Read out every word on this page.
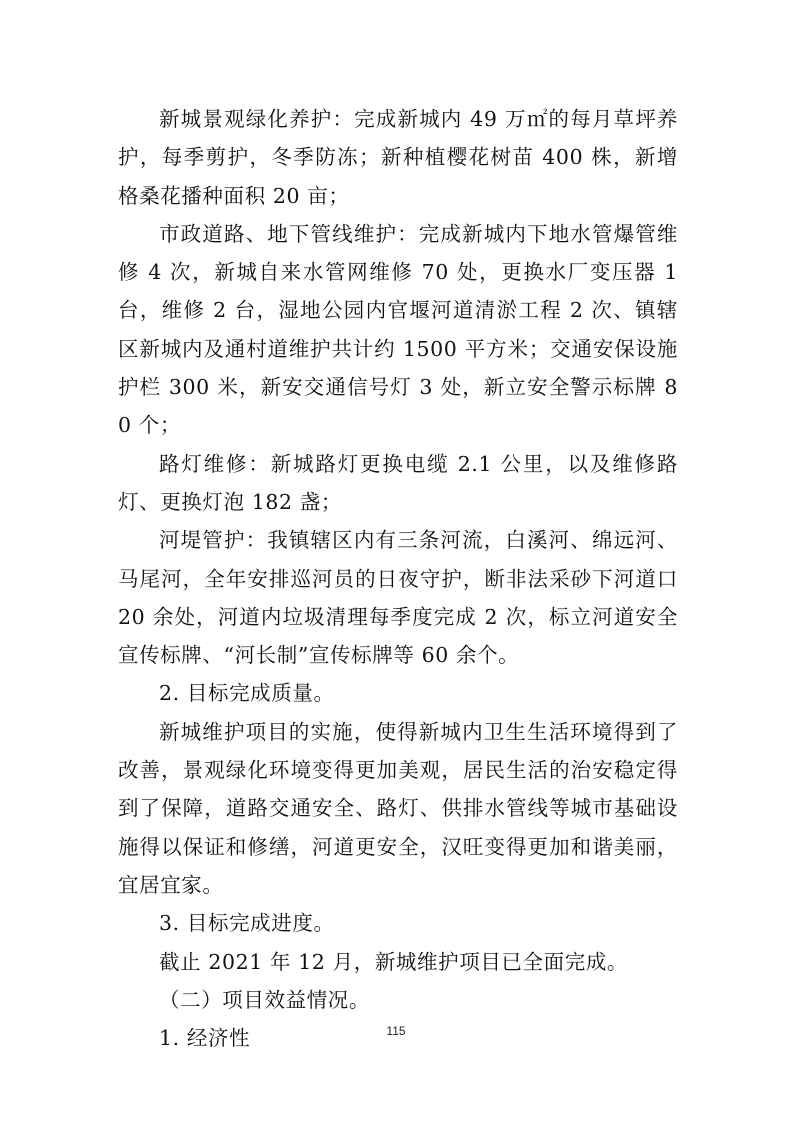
新城景观绿化养护：完成新城内 49 万㎡的每月草坪养护，每季剪护，冬季防冻；新种植樱花树苗 400 株，新增格桑花播种面积 20 亩；

市政道路、地下管线维护：完成新城内下地水管爆管维修 4 次，新城自来水管网维修 70 处，更换水厂变压器 1 台，维修 2 台，湿地公园内官堰河道清淤工程 2 次、镇辖区新城内及通村道维护共计约 1500 平方米；交通安保设施护栏 300 米，新安交通信号灯 3 处，新立安全警示标牌 80 个；

路灯维修：新城路灯更换电缆 2.1 公里，以及维修路灯、更换灯泡 182 盏；

河堤管护：我镇辖区内有三条河流，白溪河、绵远河、马尾河，全年安排巡河员的日夜守护，断非法采砂下河道口 20 余处，河道内垃圾清理每季度完成 2 次，标立河道安全宣传标牌、“河长制”宣传标牌等 60 余个。

2. 目标完成质量。

新城维护项目的实施，使得新城内卫生生活环境得到了改善，景观绿化环境变得更加美观，居民生活的治安稳定得到了保障，道路交通安全、路灯、供排水管线等城市基础设施得以保证和修缮，河道更安全，汉旺变得更加和谐美丽，宜居宜家。

3. 目标完成进度。

截止 2021 年 12 月，新城维护项目已全面完成。

（二）项目效益情况。

1. 经济性	115
